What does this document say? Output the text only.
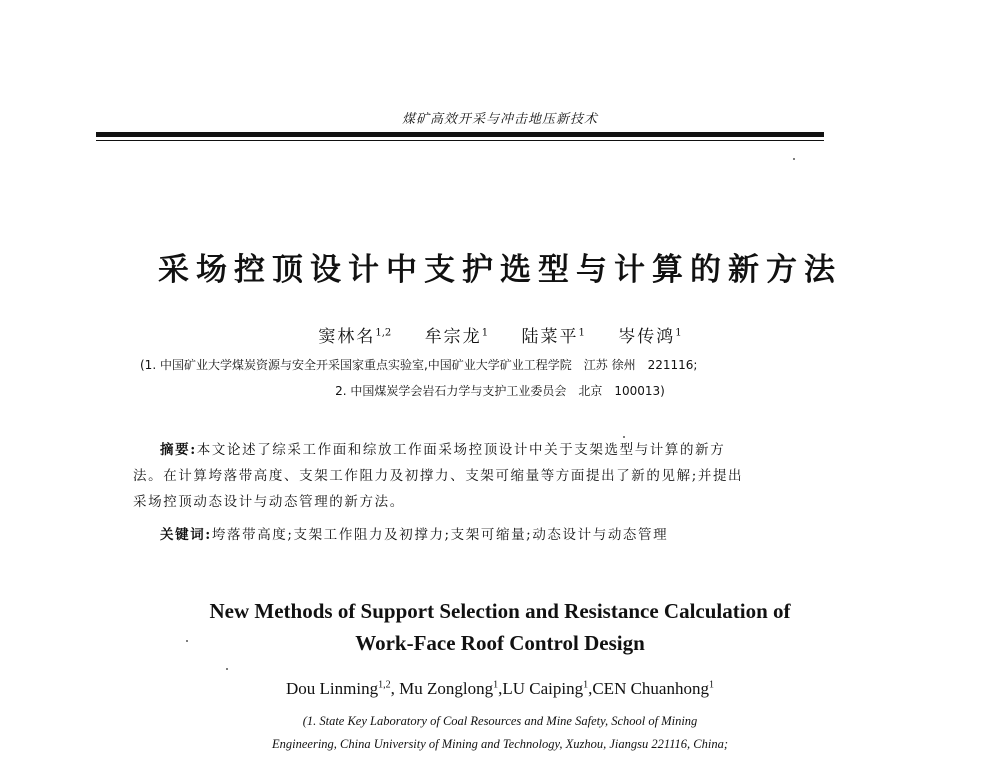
煤矿高效开采与冲击地压新技术
采场控顶设计中支护选型与计算的新方法
窦林名$^{1,2}$ 牟宗龙$^1$ 陆菜平$^1$ 岑传鸿$^1$
(1. 中国矿业大学煤炭资源与安全开采国家重点实验室,中国矿业大学矿业工程学院　江苏 徐州　221116;
2. 中国煤炭学会岩石力学与支护工业委员会　北京　100013)
摘要:本文论述了综采工作面和综放工作面采场控顶设计中关于支架选型与计算的新方
法。在计算垮落带高度、支架工作阻力及初撑力、支架可缩量等方面提出了新的见解;并提出
采场控顶动态设计与动态管理的新方法。
关键词:垮落带高度;支架工作阻力及初撑力;支架可缩量;动态设计与动态管理
New Methods of Support Selection and Resistance Calculation of
Work-Face Roof Control Design
Dou Linming$^{1,2}$, Mu Zonglong$^1$,LU Caiping$^1$,CEN Chuanhong$^1$
(1. State Key Laboratory of Coal Resources and Mine Safety, School of Mining
Engineering, China University of Mining and Technology, Xuzhou, Jiangsu 221116, China;
